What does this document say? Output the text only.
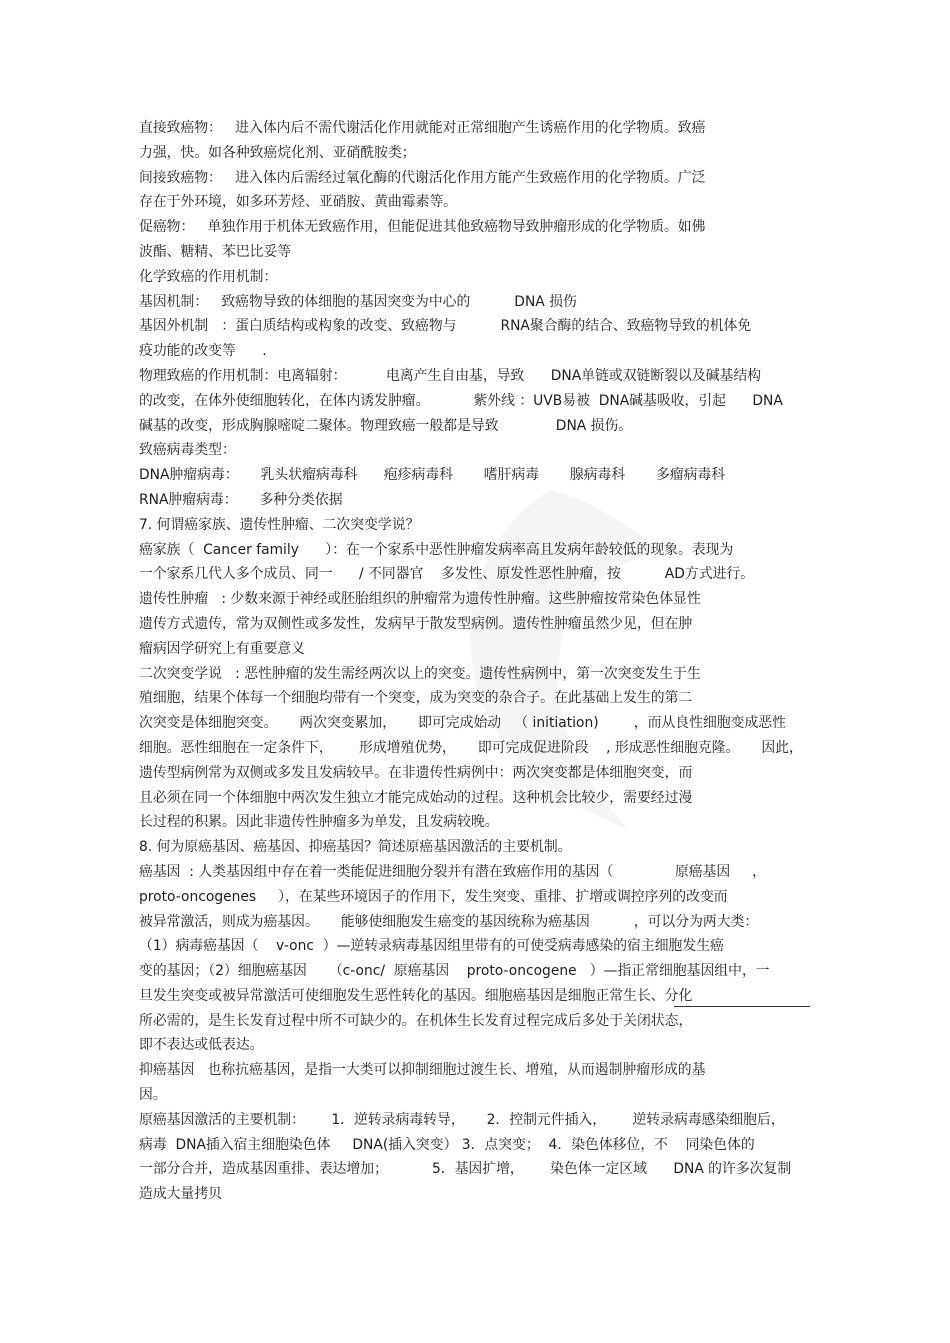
直接致癌物：   进入体内后不需代谢活化作用就能对正常细胞产生诱癌作用的化学物质。致癌
力强，快。如各种致癌烷化剂、亚硝酰胺类；
间接致癌物：   进入体内后需经过氧化酶的代谢活化作用方能产生致癌作用的化学物质。广泛
存在于外环境，如多环芳烃、亚硝胺、黄曲霉素等。
促癌物：   单独作用于机体无致癌作用，但能促进其他致癌物导致肿瘤形成的化学物质。如佛
波酯、糖精、苯巴比妥等
化学致癌的作用机制：
基因机制：   致癌物导致的体细胞的基因突变为中心的          DNA 损伤
基因外机制   ：蛋白质结构或构象的改变、致癌物与          RNA聚合酶的结合、致癌物导致的机体免
疫功能的改变等      .
物理致癌的作用机制：电离辐射：         电离产生自由基，导致      DNA单链或双链断裂以及碱基结构
的改变，在体外使细胞转化，在体内诱发肿瘤。          紫外线 ：UVB易被  DNA碱基吸收，引起      DNA
碱基的改变，形成胸腺嘧啶二聚体。物理致癌一般都是导致             DNA 损伤。
致癌病毒类型：
DNA肿瘤病毒：     乳头状瘤病毒科      疱疹病毒科       嗜肝病毒       腺病毒科       多瘤病毒科
RNA肿瘤病毒：     多种分类依据
7. 何谓癌家族、遗传性肿瘤、二次突变学说？
癌家族（  Cancer family      ）：在一个家系中恶性肿瘤发病率高且发病年龄较低的现象。表现为
一个家系几代人多个成员、同一      / 不同器官    多发性、原发性恶性肿瘤，按          AD方式进行。
遗传性肿瘤   : 少数来源于神经或胚胎组织的肿瘤常为遗传性肿瘤。这些肿瘤按常染色体显性
遗传方式遗传，常为双侧性或多发性，发病早于散发型病例。遗传性肿瘤虽然少见，但在肿
瘤病因学研究上有重要意义
二次突变学说   : 恶性肿瘤的发生需经两次以上的突变。遗传性病例中，第一次突变发生于生
殖细胞，结果个体每一个细胞均带有一个突变，成为突变的杂合子。在此基础上发生的第二
次突变是体细胞突变。     两次突变累加，     即可完成始动   （ initiation)        ，而从良性细胞变成恶性
细胞。恶性细胞在一定条件下，      形成增殖优势，     即可完成促进阶段    , 形成恶性细胞克隆。     因此，
遗传型病例常为双侧或多发且发病较早。在非遗传性病例中：两次突变都是体细胞突变，而
且必须在同一个体细胞中两次发生独立才能完成始动的过程。这种机会比较少，需要经过漫
长过程的积累。因此非遗传性肿瘤多为单发，且发病较晚。
8. 何为原癌基因、癌基因、抑癌基因？简述原癌基因激活的主要机制。
癌基因  : 人类基因组中存在着一类能促进细胞分裂并有潜在致癌作用的基因（              原癌基因     ，
proto-oncogenes     ），在某些环境因子的作用下，发生突变、重排、扩增或调控序列的改变而
被异常激活，则成为癌基因。     能够使细胞发生癌变的基因统称为癌基因          ，可以分为两大类：
（1）病毒癌基因（    v-onc  ）—逆转录病毒基因组里带有的可使受病毒感染的宿主细胞发生癌
变的基因；（2）细胞癌基因     （c-onc/  原癌基因    proto-oncogene   ）—指正常细胞基因组中，一
旦发生突变或被异常激活可使细胞发生恶性转化的基因。细胞癌基因是细胞正常生长、分化
所必需的，是生长发育过程中所不可缺少的。在机体生长发育过程完成后多处于关闭状态，
即不表达或低表达。
抑癌基因   也称抗癌基因，是指一大类可以抑制细胞过渡生长、增殖，从而遏制肿瘤形成的基
因。
原癌基因激活的主要机制：      1．逆转录病毒转导，     2．控制元件插入，      逆转录病毒感染细胞后，
病毒  DNA插入宿主细胞染色体     DNA(插入突变） 3．点突变；  4．染色体移位，不    同染色体的
一部分合并，造成基因重排、表达增加；          5．基因扩增，      染色体一定区域      DNA 的许多次复制
造成大量拷贝
